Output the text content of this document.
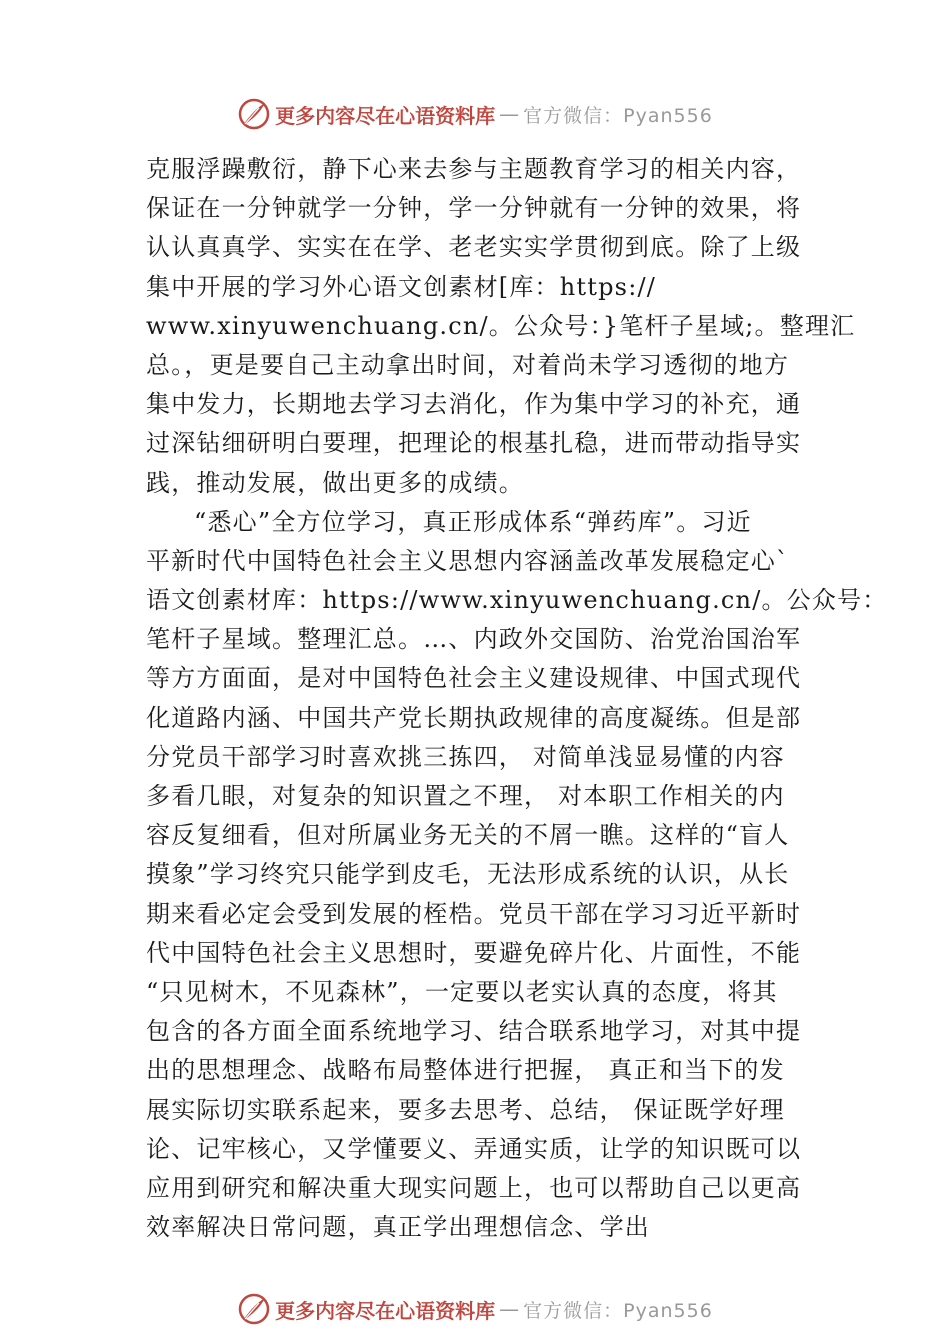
更多内容尽在心语资料库 — 官方微信：Pyan556
克服浮躁敷衍，静下心来去参与主题教育学习的相关内容，
保证在一分钟就学一分钟，学一分钟就有一分钟的效果，将
认认真真学、实实在在学、老老实实学贯彻到底。除了上级
集中开展的学习外心语文创素材[库：https://
www.xinyuwenchuang.cn/。公众号：}笔杆子星域;。整理汇
总。，更是要自己主动拿出时间，对着尚未学习透彻的地方
集中发力，长期地去学习去消化，作为集中学习的补充，通
过深钻细研明白要理，把理论的根基扎稳，进而带动指导实
践，推动发展，做出更多的成绩。
“悉心”全方位学习，真正形成体系“弹药库”。习近
平新时代中国特色社会主义思想内容涵盖改革发展稳定心`
语文创素材库：https://www.xinyuwenchuang.cn/。公众号：
笔杆子星域。整理汇总。…、内政外交国防、治党治国治军
等方方面面，是对中国特色社会主义建设规律、中国式现代
化道路内涵、中国共产党长期执政规律的高度凝练。但是部
分党员干部学习时喜欢挑三拣四， 对简单浅显易懂的内容
多看几眼，对复杂的知识置之不理， 对本职工作相关的内
容反复细看，但对所属业务无关的不屑一瞧。这样的“盲人
摸象”学习终究只能学到皮毛，无法形成系统的认识，从长
期来看必定会受到发展的桎梏。党员干部在学习习近平新时
代中国特色社会主义思想时，要避免碎片化、片面性，不能
“只见树木，不见森林”，一定要以老实认真的态度，将其
包含的各方面全面系统地学习、结合联系地学习，对其中提
出的思想理念、战略布局整体进行把握， 真正和当下的发
展实际切实联系起来，要多去思考、总结， 保证既学好理
论、记牢核心，又学懂要义、弄通实质，让学的知识既可以
应用到研究和解决重大现实问题上，也可以帮助自己以更高
效率解决日常问题，真正学出理想信念、学出
更多内容尽在心语资料库 — 官方微信：Pyan556
